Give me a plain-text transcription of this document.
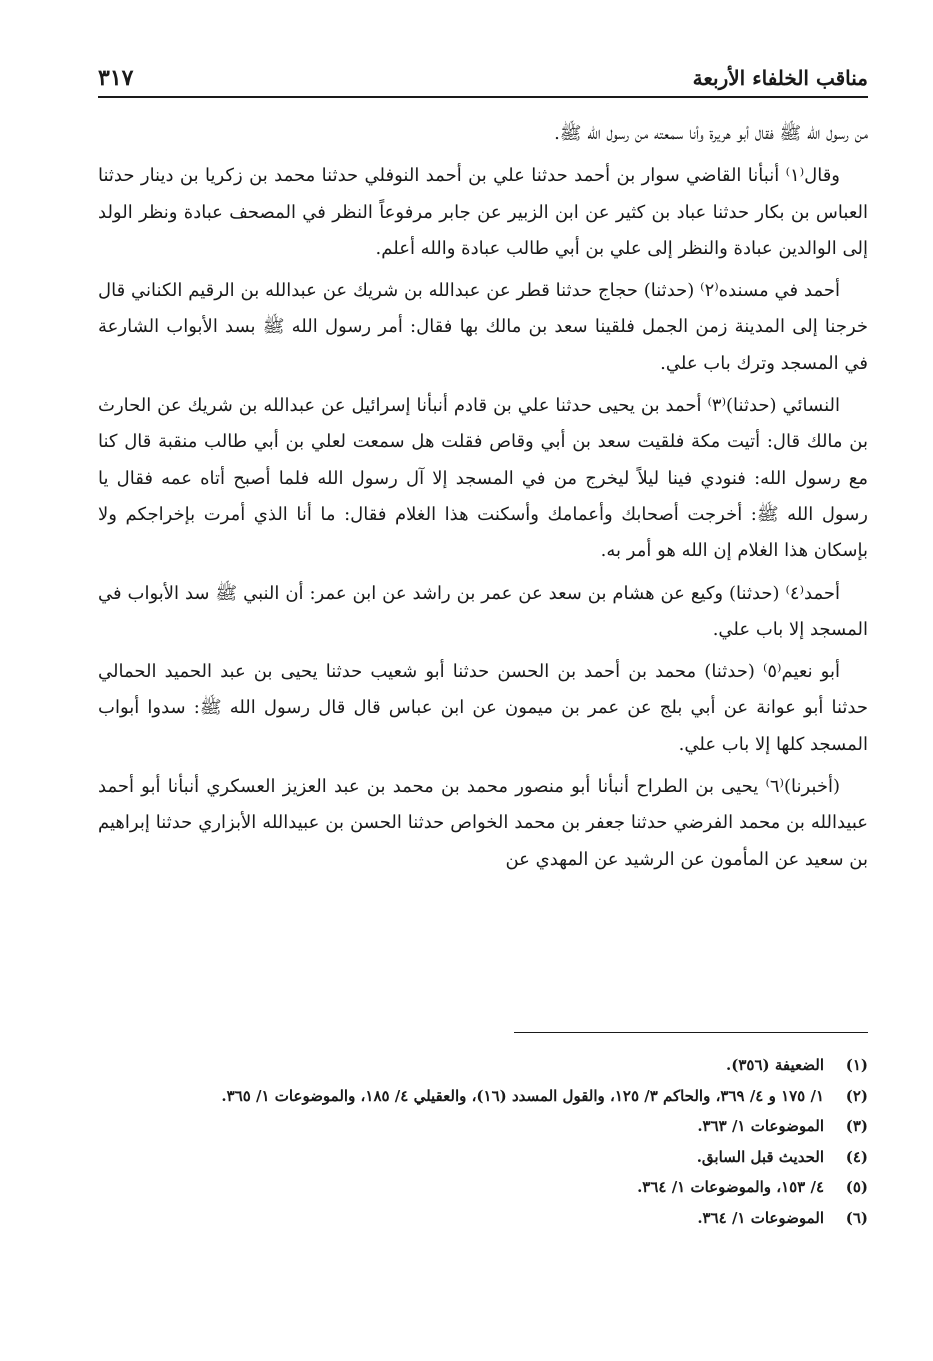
مناقب الخلفاء الأربعة
٣١٧

من رسول الله ﷺ فقال أبو هريرة وأنا سمعته من رسول الله ﷺ.

وقال⁽١⁾ أنبأنا القاضي سوار بن أحمد حدثنا علي بن أحمد النوفلي حدثنا محمد بن زكريا بن دينار حدثنا العباس بن بكار حدثنا عباد بن كثير عن ابن الزبير عن جابر مرفوعاً النظر في المصحف عبادة ونظر الولد إلى الوالدين عبادة والنظر إلى علي بن أبي طالب عبادة والله أعلم.

أحمد في مسنده⁽٢⁾ (حدثنا) حجاج حدثنا قطر عن عبدالله بن شريك عن عبدالله بن الرقيم الكناني قال خرجنا إلى المدينة زمن الجمل فلقينا سعد بن مالك بها فقال: أمر رسول الله ﷺ بسد الأبواب الشارعة في المسجد وترك باب علي.

النسائي (حدثنا)⁽٣⁾ أحمد بن يحيى حدثنا علي بن قادم أنبأنا إسرائيل عن عبدالله بن شريك عن الحارث بن مالك قال: أتيت مكة فلقيت سعد بن أبي وقاص فقلت هل سمعت لعلي بن أبي طالب منقبة قال كنا مع رسول الله: فنودي فينا ليلاً ليخرج من في المسجد إلا آل رسول الله فلما أصبح أتاه عمه فقال يا رسول الله ﷺ: أخرجت أصحابك وأعمامك وأسكنت هذا الغلام فقال: ما أنا الذي أمرت بإخراجكم ولا بإسكان هذا الغلام إن الله هو أمر به.

أحمد⁽٤⁾ (حدثنا) وكيع عن هشام بن سعد عن عمر بن راشد عن ابن عمر: أن النبي ﷺ سد الأبواب في المسجد إلا باب علي.

أبو نعيم⁽٥⁾ (حدثنا) محمد بن أحمد بن الحسن حدثنا أبو شعيب حدثنا يحيى بن عبد الحميد الحمالي حدثنا أبو عوانة عن أبي بلج عن عمر بن ميمون عن ابن عباس قال قال رسول الله ﷺ: سدوا أبواب المسجد كلها إلا باب علي.

(أخبرنا)⁽٦⁾ يحيى بن الطراح أنبأنا أبو منصور محمد بن محمد بن عبد العزيز العسكري أنبأنا أبو أحمد عبيدالله بن محمد الفرضي حدثنا جعفر بن محمد الخواص حدثنا الحسن بن عبيدالله الأبزاري حدثنا إبراهيم بن سعيد عن المأمون عن الرشيد عن المهدي عن

(١)
الضعيفة (٣٥٦).
(٢)
١/ ١٧٥ و ٤/ ٣٦٩، والحاكم ٣/ ١٢٥، والقول المسدد (١٦)، والعقيلي ٤/ ١٨٥، والموضوعات ١/ ٣٦٥.
(٣)
الموضوعات ١/ ٣٦٣.
(٤)
الحديث قبل السابق.
(٥)
٤/ ١٥٣، والموضوعات ١/ ٣٦٤.
(٦)
الموضوعات ١/ ٣٦٤.
